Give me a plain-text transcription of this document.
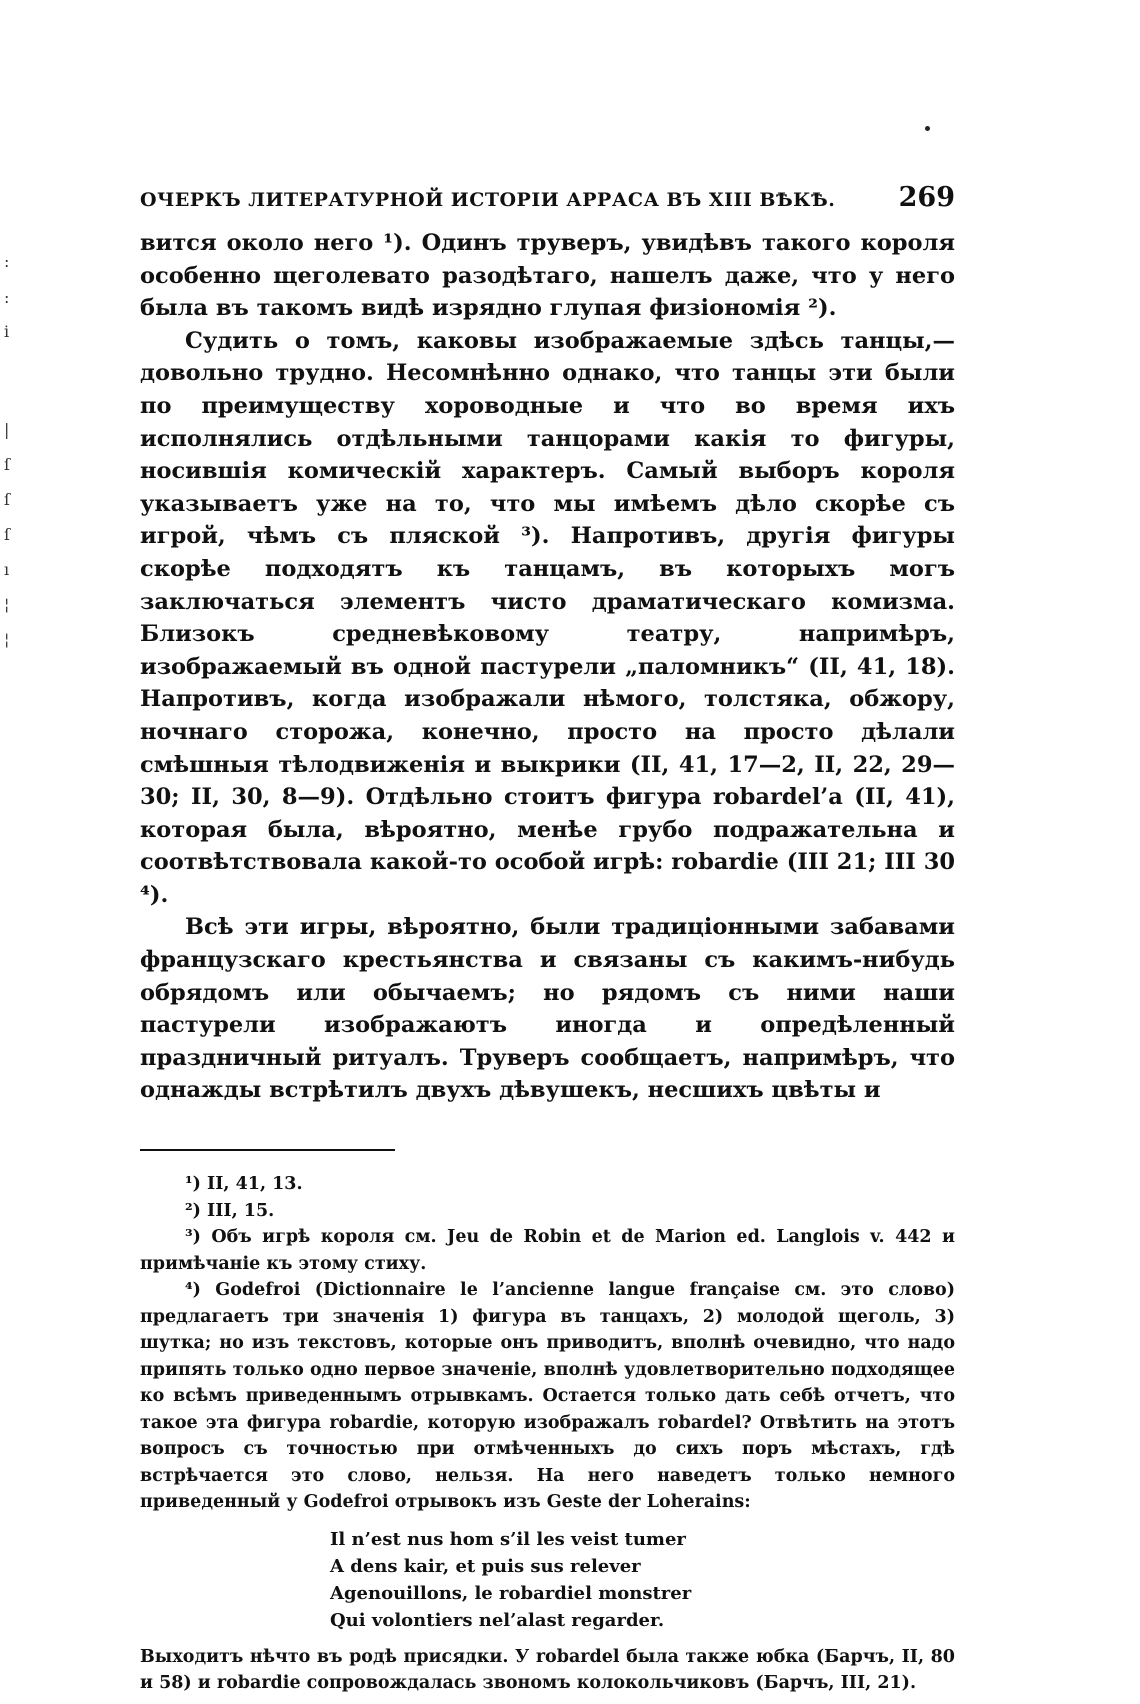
:
:
i
|
ſ
ſ
ſ
ı
¦
¦
ОЧЕРКЪ ЛИТЕРАТУРНОЙ ИСТОРІИ АРРАСА ВЪ XIII ВѢКѢ. 269

вится около него ¹). Одинъ труверъ, увидѣвъ такого короля особенно щеголевато разодѣтаго, нашелъ даже, что у него была въ такомъ видѣ изрядно глупая физіономія ²).

Судить о томъ, каковы изображаемые здѣсь танцы,—довольно трудно. Несомнѣнно однако, что танцы эти были по преимуществу хороводные и что во время ихъ исполнялись отдѣльными танцорами какія то фигуры, носившія комическій характеръ. Самый выборъ короля указываетъ уже на то, что мы имѣемъ дѣло скорѣе съ игрой, чѣмъ съ пляской ³). Напротивъ, другія фигуры скорѣе подходятъ къ танцамъ, въ которыхъ могъ заключаться элементъ чисто драматическаго комизма. Близокъ средневѣковому театру, напримѣръ, изображаемый въ одной пастурели „паломникъ“ (II, 41, 18). Напротивъ, когда изображали нѣмого, толстяка, обжору, ночнаго сторожа, конечно, просто на просто дѣлали смѣшныя тѣлодвиженія и выкрики (II, 41, 17—2, II, 22, 29—30; II, 30, 8—9). Отдѣльно стоитъ фигура robardel’a (II, 41), которая была, вѣроятно, менѣе грубо подражательна и соотвѣтствовала какой-то особой игрѣ: robardie (III 21; III 30 ⁴).

Всѣ эти игры, вѣроятно, были традиціонными забавами французскаго крестьянства и связаны съ какимъ-нибудь обрядомъ или обычаемъ; но рядомъ съ ними наши пастурели изображаютъ иногда и опредѣленный праздничный ритуалъ. Труверъ сообщаетъ, напримѣръ, что однажды встрѣтилъ двухъ дѣвушекъ, несшихъ цвѣты и

¹) II, 41, 13.

²) III, 15.

³) Объ игрѣ короля см. Jeu de Robin et de Marion ed. Langlois v. 442 и примѣчаніе къ этому стиху.

⁴) Godefroi (Dictionnaire le l’ancienne langue française см. это слово) предлагаетъ три значенія 1) фигура въ танцахъ, 2) молодой щеголь, 3) шутка; но изъ текстовъ, которые онъ приводитъ, вполнѣ очевидно, что надо припять только одно первое значеніе, вполнѣ удовлетворительно подходящее ко всѣмъ приведеннымъ отрывкамъ. Остается только дать себѣ отчетъ, что такое эта фигура robardie, которую изображалъ robardel? Отвѣтить на этотъ вопросъ съ точностью при отмѣченныхъ до сихъ поръ мѣстахъ, гдѣ встрѣчается это слово, нельзя. На него наведетъ только немного приведенный у Godefroi отрывокъ изъ Geste der Loherains:

Il n’est nus hom s’il les veist tumer
A dens kair, et puis sus relever
Agenouillons, le robardiel monstrer
Qui volontiers nel’alast regarder.

Выходитъ нѣчто въ родѣ присядки. У robardel была также юбка (Барчъ, II, 80 и 58) и robardie сопровождалась звономъ колокольчиковъ (Барчъ, III, 21).
